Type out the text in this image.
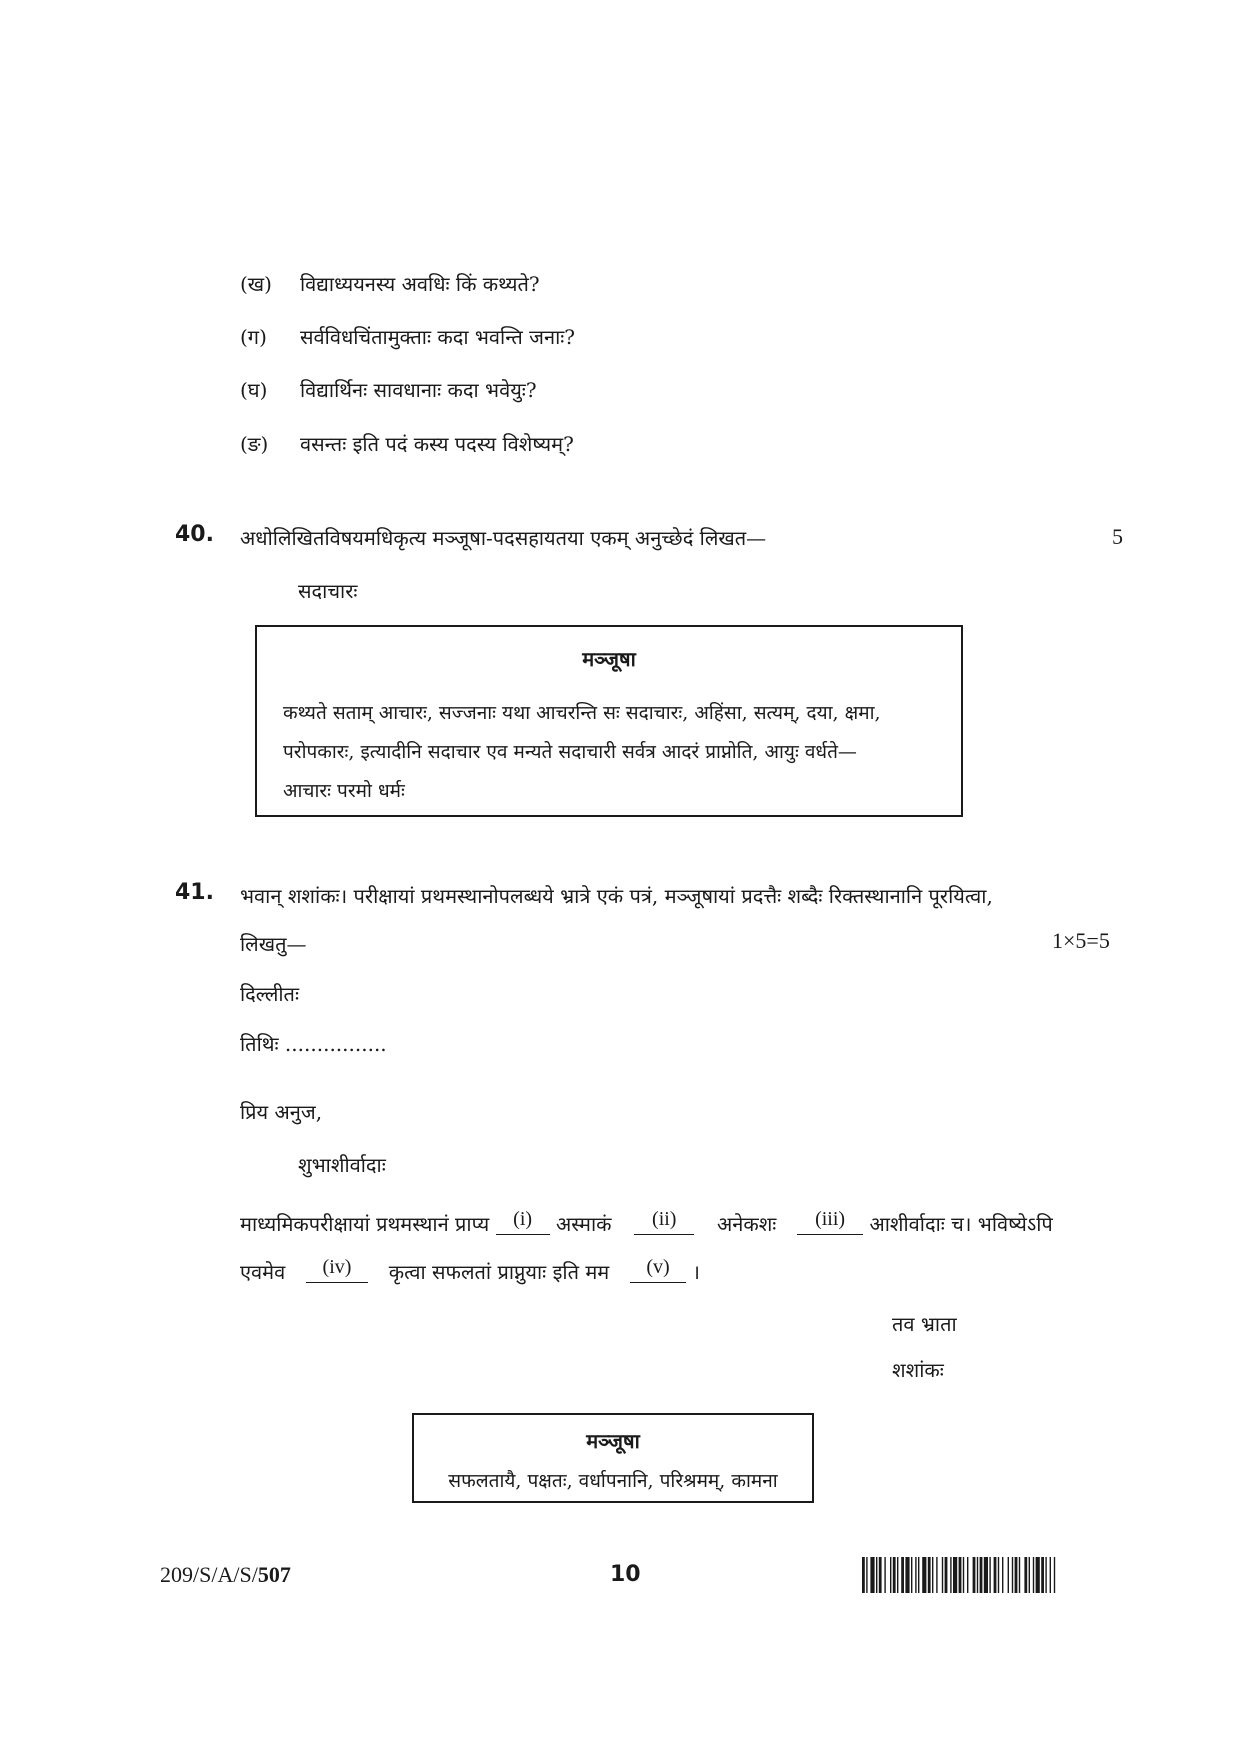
(ख) विद्याध्ययनस्य अवधिः किं कथ्यते?
(ग) सर्वविधचिंतामुक्ताः कदा भवन्ति जनाः?
(घ) विद्यार्थिनः सावधानाः कदा भवेयुः?
(ङ) वसन्तः इति पदं कस्य पदस्य विशेष्यम्?
40. अधोलिखितविषयमधिकृत्य मञ्जूषा-पदसहायतया एकम् अनुच्छेदं लिखत—	5
सदाचारः
मञ्जूषा
कथ्यते सताम् आचारः, सज्जनाः यथा आचरन्ति सः सदाचारः, अहिंसा, सत्यम्, दया, क्षमा,
परोपकारः, इत्यादीनि सदाचार एव मन्यते सदाचारी सर्वत्र आदरं प्राप्नोति, आयुः वर्धते—
आचारः परमो धर्मः
41. भवान् शशांकः। परीक्षायां प्रथमस्थानोपलब्धये भ्रात्रे एकं पत्रं, मञ्जूषायां प्रदत्तैः शब्दैः रिक्तस्थानानि पूरयित्वा,
लिखतु—	1×5=5
दिल्लीतः
तिथिः ................
प्रिय अनुज,
शुभाशीर्वादाः
माध्यमिकपरीक्षायां प्रथमस्थानं प्राप्य (i) अस्माकं (ii) अनेकशः (iii) आशीर्वादाः च। भविष्येऽपि
एवमेव (iv) कृत्वा सफलतां प्राप्नुयाः इति मम (v) ।
तव भ्राता
शशांकः
मञ्जूषा
सफलतायै, पक्षतः, वर्धापनानि, परिश्रमम्, कामना
209/S/A/S/507	10
